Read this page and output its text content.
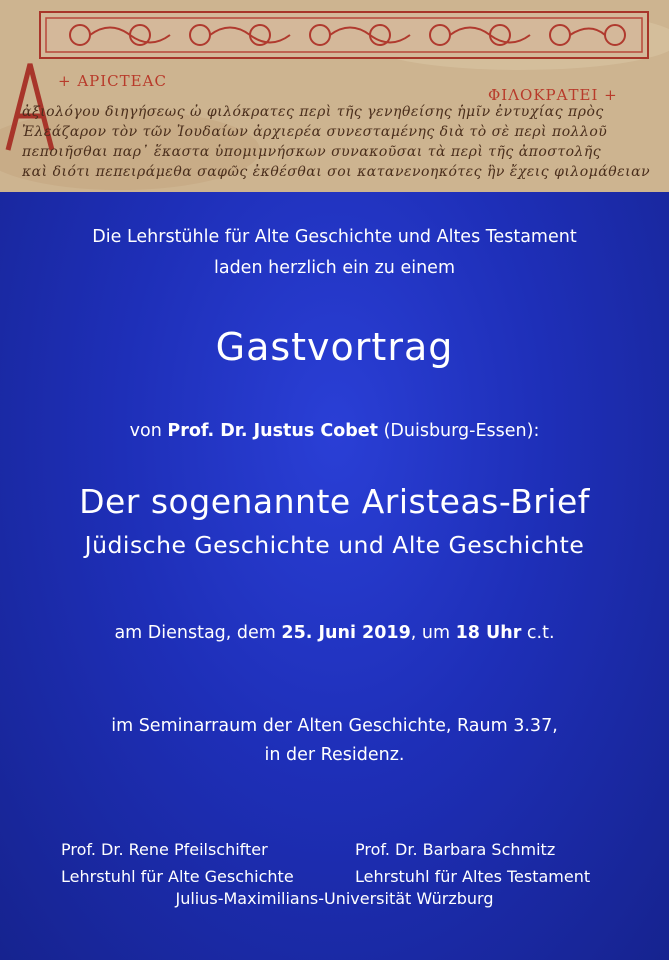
+ ΑΡΙϹΤΕΑϹ
ΦΙΛΟΚΡΑΤΕΙ +
ἀξιολόγου διηγήσεως ὦ φιλόκρατες περὶ τῆς γενηθείσης ἡμῖν ἐντυχίας πρὸς
Ἐλεάζαρον τὸν τῶν Ἰουδαίων ἀρχιερέα συνεσταμένης διὰ τὸ σὲ περὶ πολλοῦ
πεποιῆσθαι παρ᾽ ἕκαστα ὑπομιμνήσκων συνακοῦσαι τὰ περὶ τῆς ἀποστολῆς
καὶ διότι πεπειράμεθα σαφῶς ἐκθέσθαι σοι κατανενοηκότες ἣν ἔχεις φιλομάθειαν
Die Lehrstühle für Alte Geschichte und Altes Testament
laden herzlich ein zu einem
Gastvortrag
von Prof. Dr. Justus Cobet (Duisburg-Essen):
Der sogenannte Aristeas-Brief
Jüdische Geschichte und Alte Geschichte
am Dienstag, dem 25. Juni 2019, um 18 Uhr c.t.
im Seminarraum der Alten Geschichte, Raum 3.37,
in der Residenz.
Prof. Dr. Rene Pfeilschifter
Lehrstuhl für Alte Geschichte
Prof. Dr. Barbara Schmitz
Lehrstuhl für Altes Testament
Julius-Maximilians-Universität Würzburg
